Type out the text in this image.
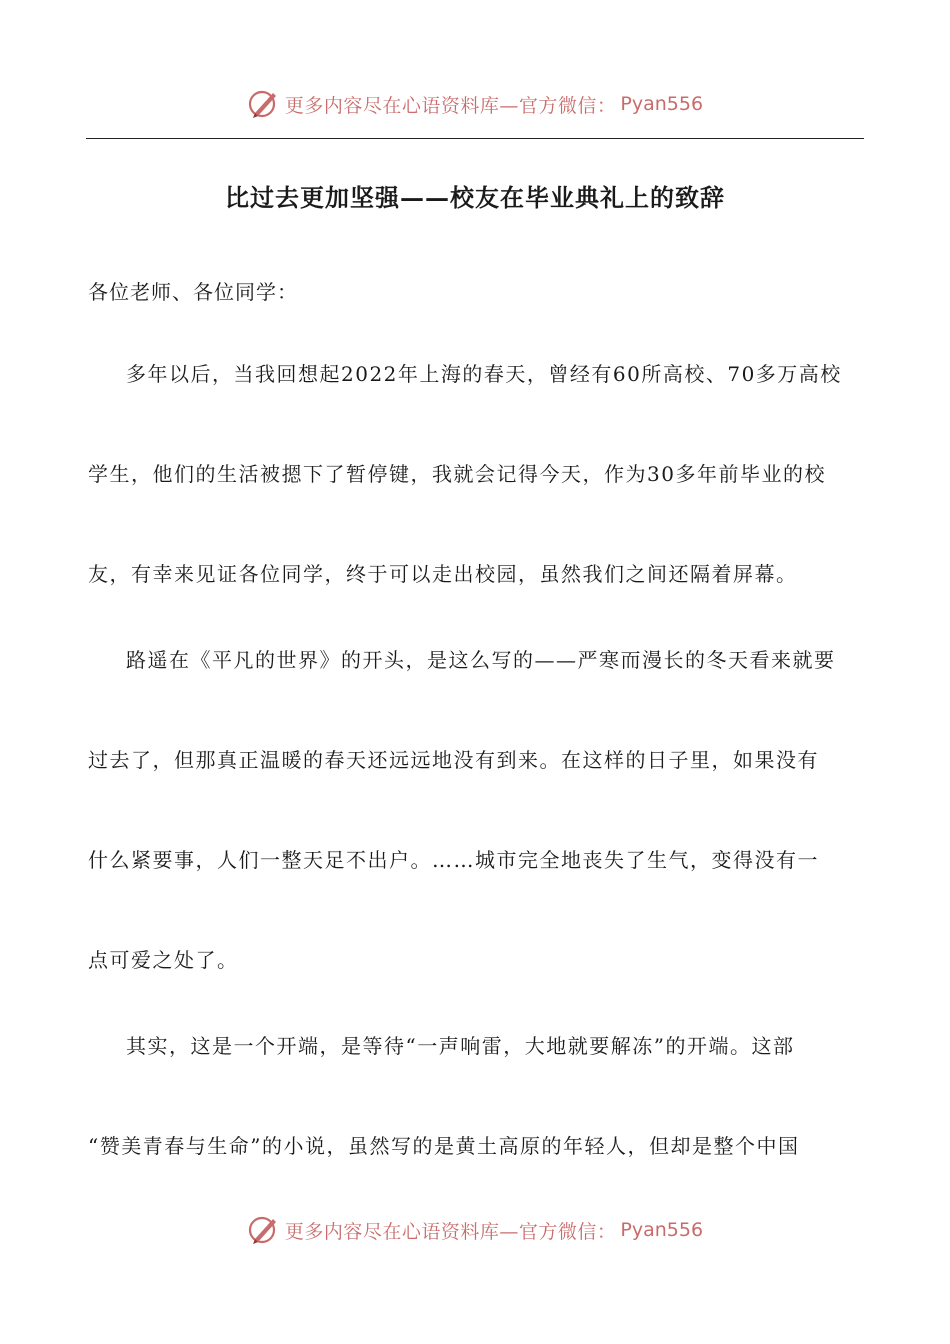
更多内容尽在心语资料库—官方微信： Pyan556
比过去更加坚强——校友在毕业典礼上的致辞
各位老师、各位同学：
多年以后，当我回想起2022年上海的春天，曾经有60所高校、70多万高校
学生，他们的生活被摁下了暂停键，我就会记得今天，作为30多年前毕业的校
友，有幸来见证各位同学，终于可以走出校园，虽然我们之间还隔着屏幕。
路遥在《平凡的世界》的开头，是这么写的——严寒而漫长的冬天看来就要
过去了，但那真正温暖的春天还远远地没有到来。在这样的日子里，如果没有
什么紧要事，人们一整天足不出户。……城市完全地丧失了生气，变得没有一
点可爱之处了。
其实，这是一个开端，是等待“一声响雷，大地就要解冻”的开端。这部
“赞美青春与生命”的小说，虽然写的是黄土高原的年轻人，但却是整个中国
更多内容尽在心语资料库—官方微信： Pyan556
